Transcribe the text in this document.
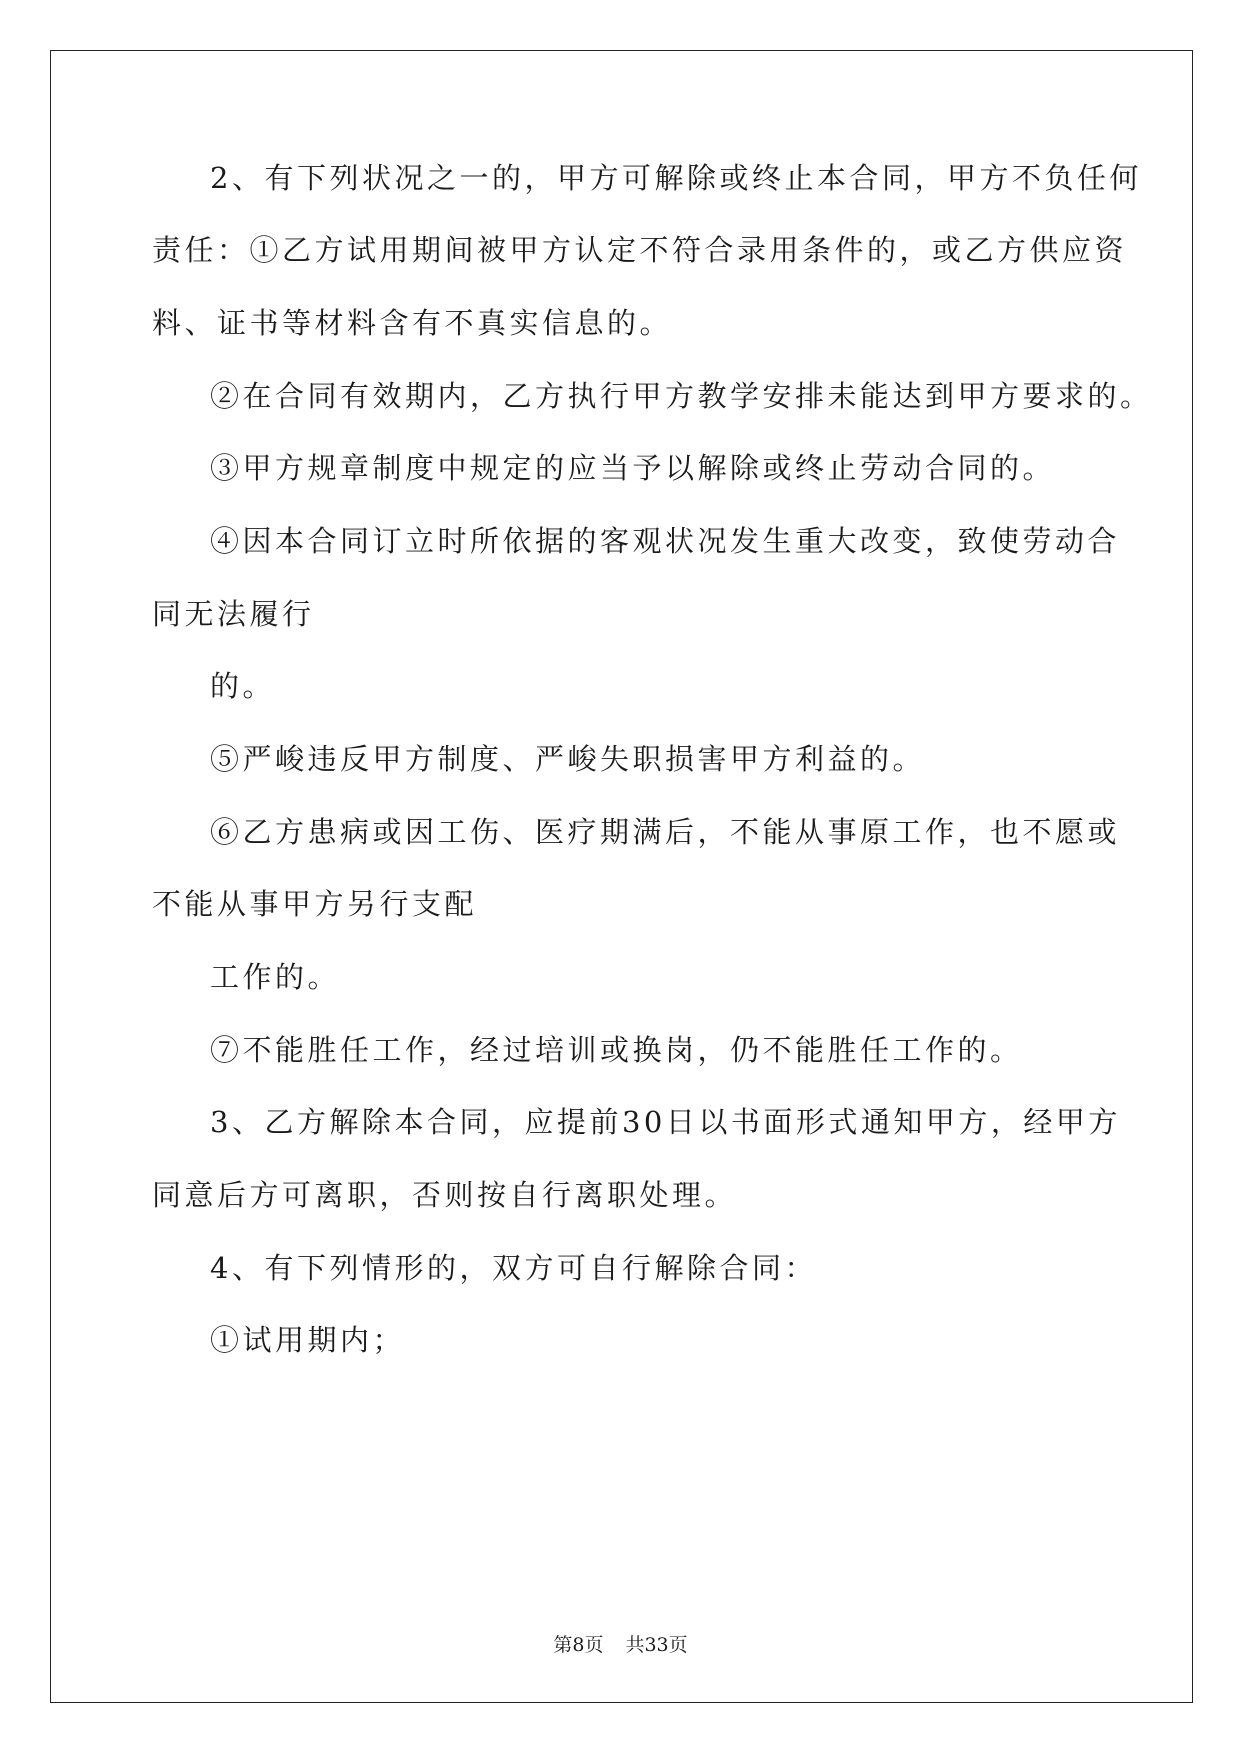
2、有下列状况之一的，甲方可解除或终止本合同，甲方不负任何
责任：①乙方试用期间被甲方认定不符合录用条件的，或乙方供应资
料、证书等材料含有不真实信息的。
②在合同有效期内，乙方执行甲方教学安排未能达到甲方要求的。
③甲方规章制度中规定的应当予以解除或终止劳动合同的。
④因本合同订立时所依据的客观状况发生重大改变，致使劳动合
同无法履行
的。
⑤严峻违反甲方制度、严峻失职损害甲方利益的。
⑥乙方患病或因工伤、医疗期满后，不能从事原工作，也不愿或
不能从事甲方另行支配
工作的。
⑦不能胜任工作，经过培训或换岗，仍不能胜任工作的。
3、乙方解除本合同，应提前30日以书面形式通知甲方，经甲方
同意后方可离职，否则按自行离职处理。
4、有下列情形的，双方可自行解除合同：
①试用期内；
第8页 共33页
